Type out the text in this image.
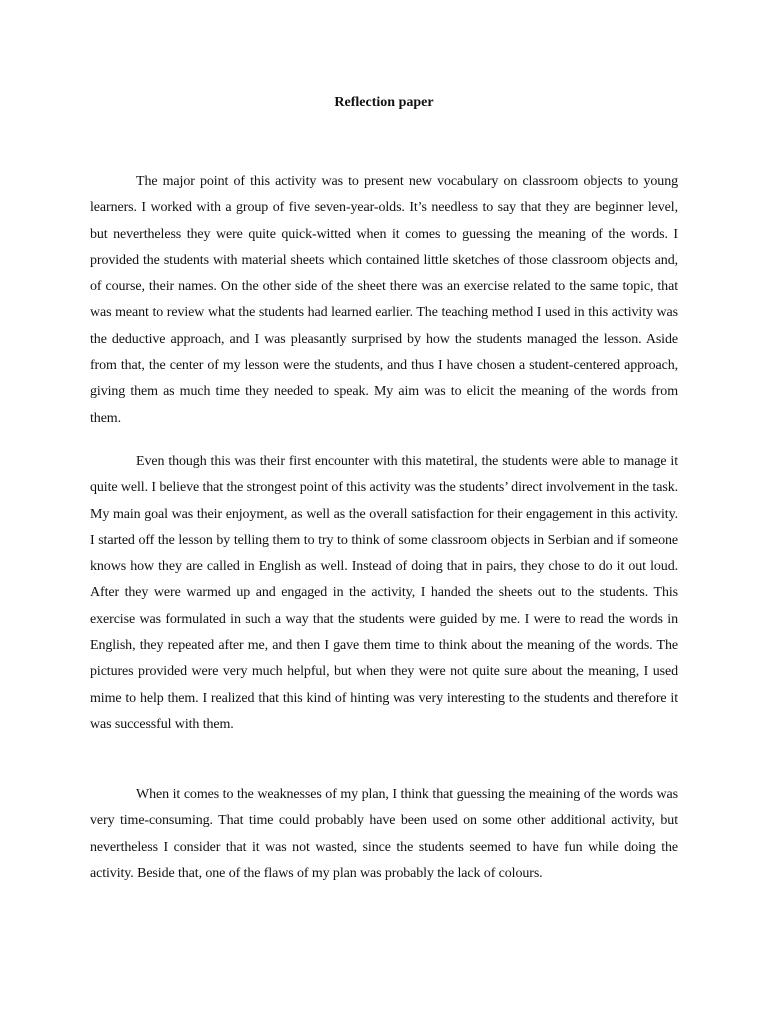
Reflection paper

The major point of this activity was to present new vocabulary on classroom objects to young learners. I worked with a group of five seven-year-olds. It’s needless to say that they are beginner level, but nevertheless they were quite quick-witted when it comes to guessing the meaning of the words. I provided the students with material sheets which contained little sketches of those classroom objects and, of course, their names. On the other side of the sheet there was an exercise related to the same topic, that was meant to review what the students had learned earlier. The teaching method I used in this activity was the deductive approach, and I was pleasantly surprised by how the students managed the lesson. Aside from that, the center of my lesson were the students, and thus I have chosen a student-centered approach, giving them as much time they needed to speak. My aim was to elicit the meaning of the words from them.

Even though this was their first encounter with this matetiral, the students were able to manage it quite well. I believe that the strongest point of this activity was the students’ direct involvement in the task. My main goal was their enjoyment, as well as the overall satisfaction for their engagement in this activity. I started off the lesson by telling them to try to think of some classroom objects in Serbian and if someone knows how they are called in English as well. Instead of doing that in pairs, they chose to do it out loud. After they were warmed up and engaged in the activity, I handed the sheets out to the students. This exercise was formulated in such a way that the students were guided by me. I were to read the words in English, they repeated after me, and then I gave them time to think about the meaning of the words. The pictures provided were very much helpful, but when they were not quite sure about the meaning, I used mime to help them. I realized that this kind of hinting was very interesting to the students and therefore it was successful with them.

When it comes to the weaknesses of my plan, I think that guessing the meaining of the words was very time-consuming. That time could probably have been used on some other additional activity, but nevertheless I consider that it was not wasted, since the students seemed to have fun while doing the activity. Beside that, one of the flaws of my plan was probably the lack of colours.
